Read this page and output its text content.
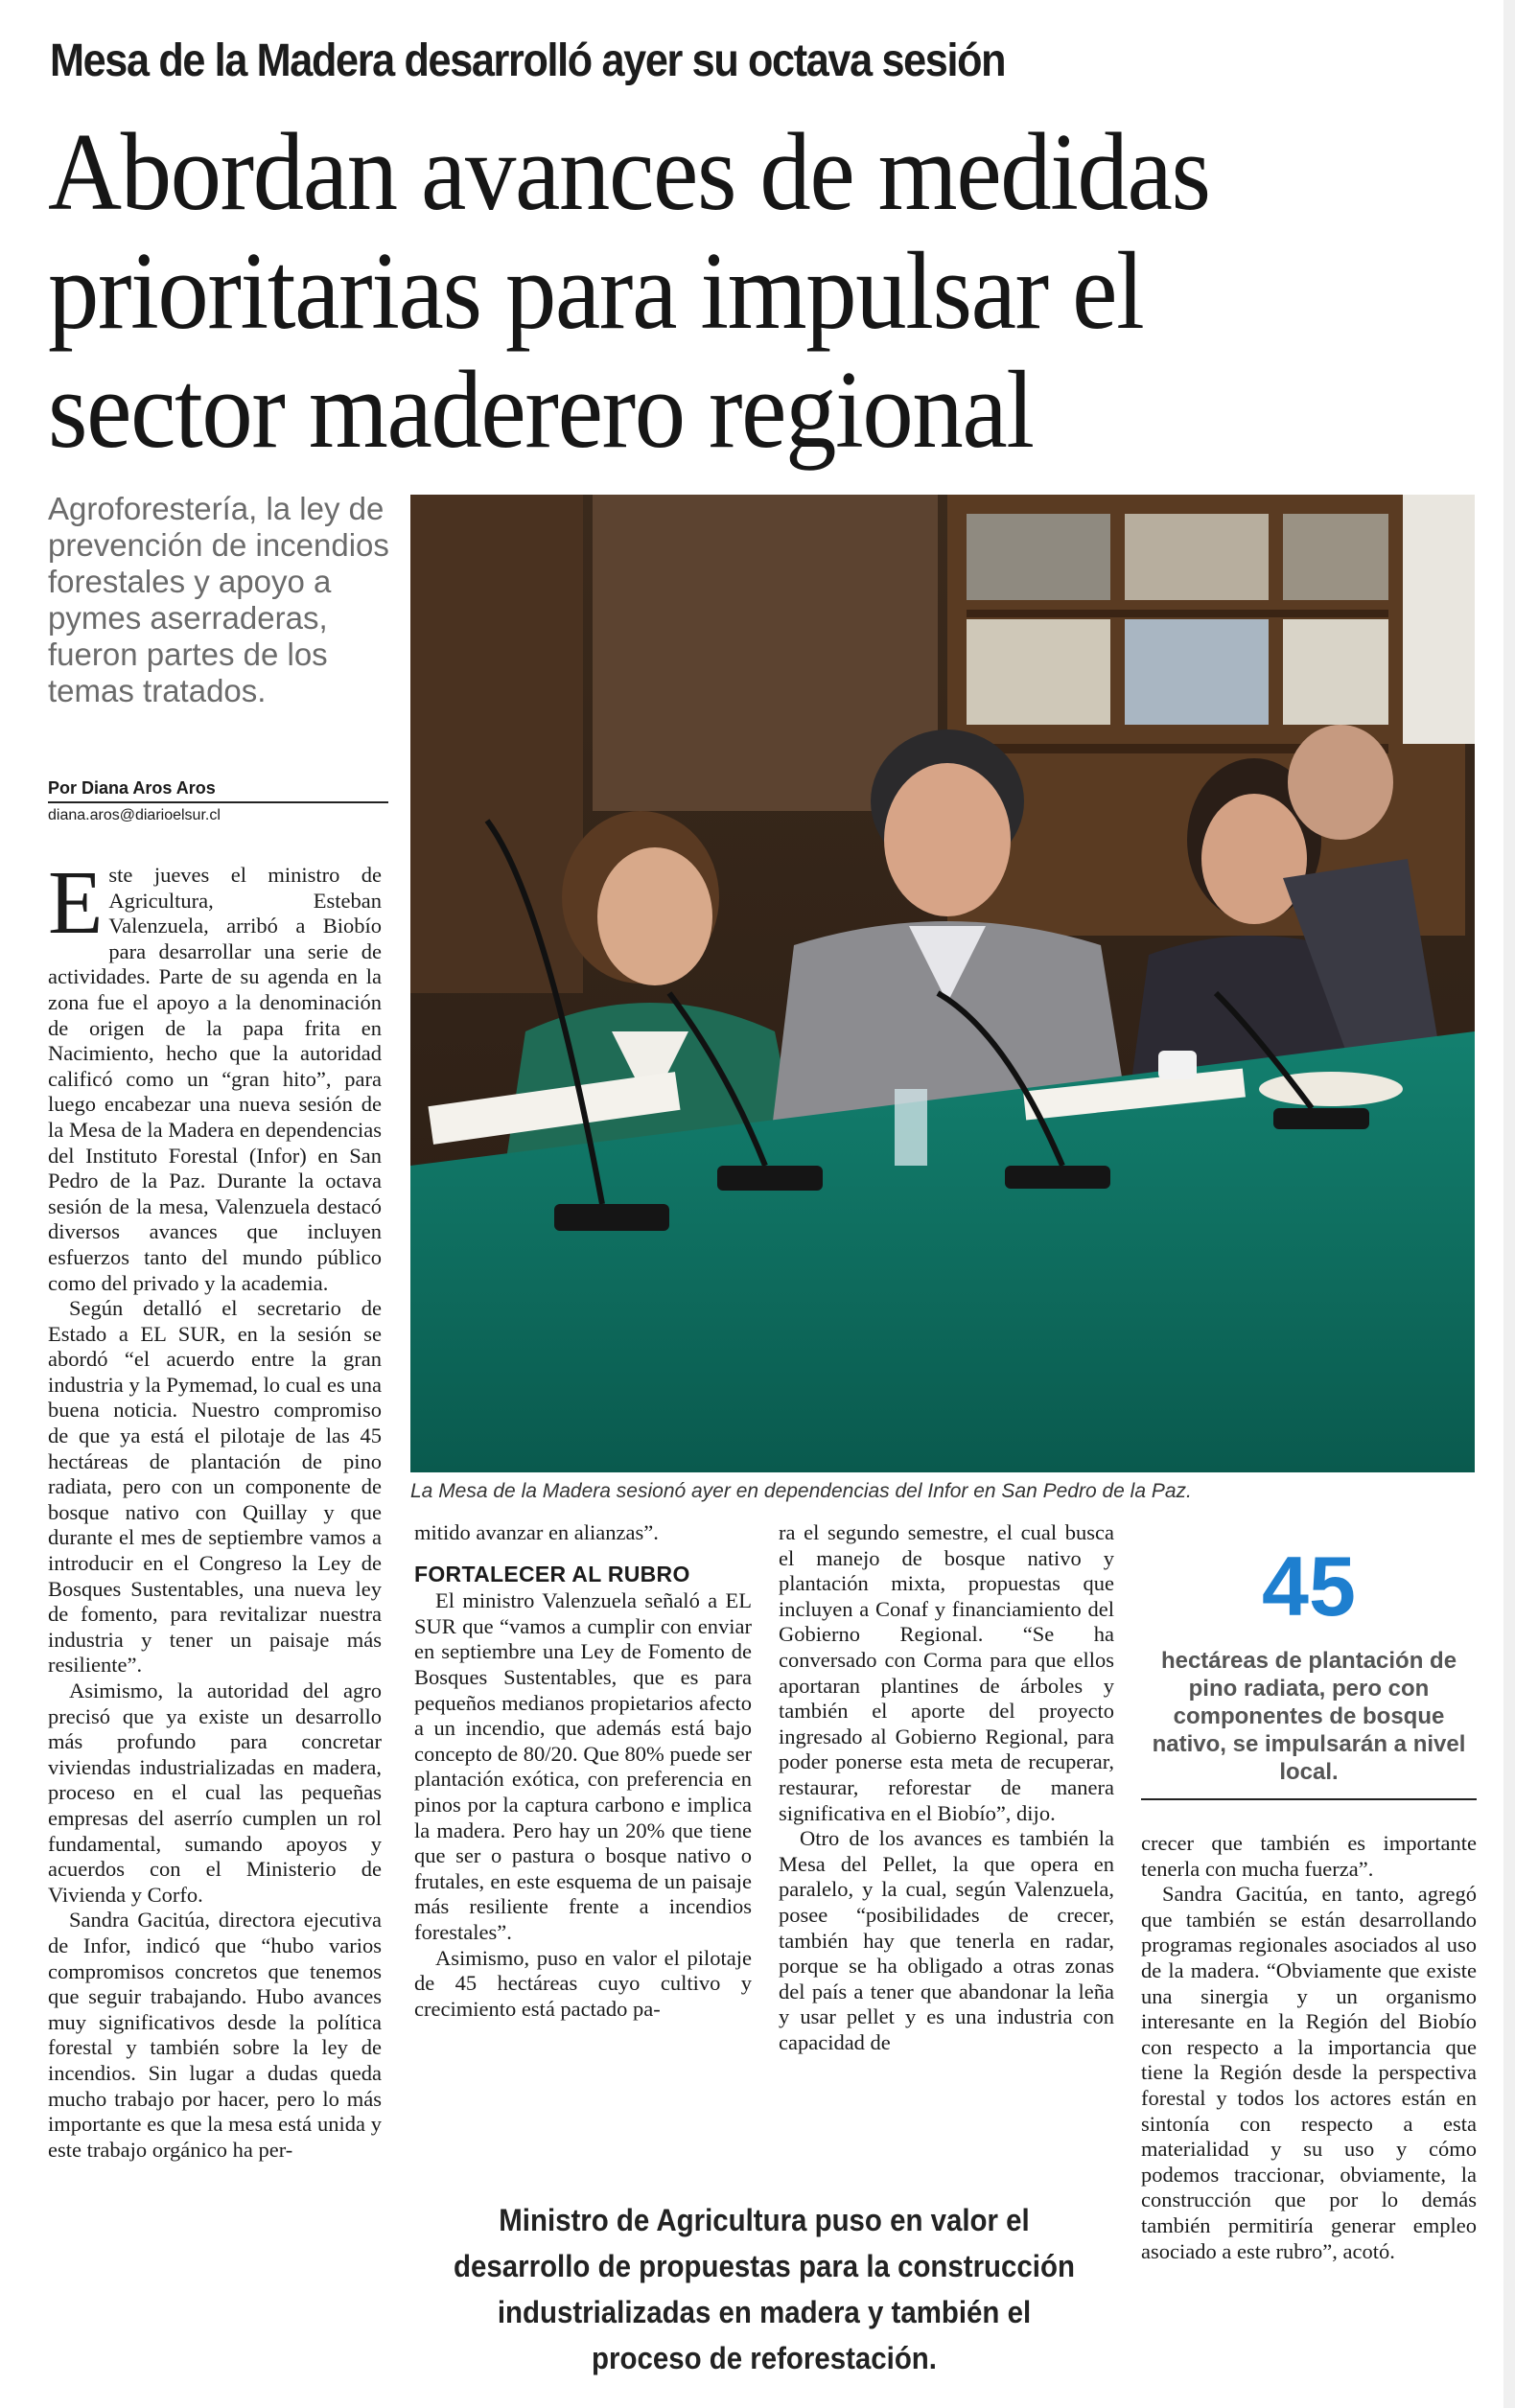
Mesa de la Madera desarrolló ayer su octava sesión
Abordan avances de medidas
prioritarias para impulsar el
sector maderero regional
Agroforestería, la ley de prevención de incendios forestales y apoyo a pymes aserraderas, fueron partes de los temas tratados.
Por Diana Aros Aros
diana.aros@diarioelsur.cl
La Mesa de la Madera sesionó ayer en dependencias del Infor en San Pedro de la Paz.

Este jueves el ministro de Agricultura, Esteban Valenzuela, arribó a Biobío para desarrollar una serie de actividades. Parte de su agenda en la zona fue el apoyo a la denominación de origen de la papa frita en Nacimiento, hecho que la autoridad calificó como un “gran hito”, para luego encabezar una nueva sesión de la Mesa de la Madera en dependencias del Instituto Forestal (Infor) en San Pedro de la Paz. Durante la octava sesión de la mesa, Valenzuela destacó diversos avances que incluyen esfuerzos tanto del mundo público como del privado y la academia.

Según detalló el secretario de Estado a EL SUR, en la sesión se abordó “el acuerdo entre la gran industria y la Pymemad, lo cual es una buena noticia. Nuestro compromiso de que ya está el pilotaje de las 45 hectáreas de plantación de pino radiata, pero con un componente de bosque nativo con Quillay y que durante el mes de septiembre vamos a introducir en el Congreso la Ley de Bosques Sustentables, una nueva ley de fomento, para revitalizar nuestra industria y tener un paisaje más resiliente”.

Asimismo, la autoridad del agro precisó que ya existe un desarrollo más profundo para concretar viviendas industrializadas en madera, proceso en el cual las pequeñas empresas del aserrío cumplen un rol fundamental, sumando apoyos y acuerdos con el Ministerio de Vivienda y Corfo.

Sandra Gacitúa, directora ejecutiva de Infor, indicó que “hubo varios compromisos concretos que tenemos que seguir trabajando. Hubo avances muy significativos desde la política forestal y también sobre la ley de incendios. Sin lugar a dudas queda mucho trabajo por hacer, pero lo más importante es que la mesa está unida y este trabajo orgánico ha per-

mitido avanzar en alianzas”.

FORTALECER AL RUBRO

El ministro Valenzuela señaló a EL SUR que “vamos a cumplir con enviar en septiembre una Ley de Fomento de Bosques Sustentables, que es para pequeños medianos propietarios afecto a un incendio, que además está bajo concepto de 80/20. Que 80% puede ser plantación exótica, con preferencia en pinos por la captura carbono e implica la madera. Pero hay un 20% que tiene que ser o pastura o bosque nativo o frutales, en este esquema de un paisaje más resiliente frente a incendios forestales”.

Asimismo, puso en valor el pilotaje de 45 hectáreas cuyo cultivo y crecimiento está pactado pa-

ra el segundo semestre, el cual busca el manejo de bosque nativo y plantación mixta, propuestas que incluyen a Conaf y financiamiento del Gobierno Regional. “Se ha conversado con Corma para que ellos aportaran plantines de árboles y también el aporte del proyecto ingresado al Gobierno Regional, para poder ponerse esta meta de recuperar, restaurar, reforestar de manera significativa en el Biobío”, dijo.

Otro de los avances es también la Mesa del Pellet, la que opera en paralelo, y la cual, según Valenzuela, posee “posibilidades de crecer, también hay que tenerla en radar, porque se ha obligado a otras zonas del país a tener que abandonar la leña y usar pellet y es una industria con capacidad de

45
hectáreas de plantación de pino radiata, pero con componentes de bosque nativo, se impulsarán a nivel local.

crecer que también es importante tenerla con mucha fuerza”.

Sandra Gacitúa, en tanto, agregó que también se están desarrollando programas regionales asociados al uso de la madera. “Obviamente que existe una sinergia y un organismo interesante en la Región del Biobío con respecto a la importancia que tiene la Región desde la perspectiva forestal y todos los actores están en sintonía con respecto a esta materialidad y su uso y cómo podemos traccionar, obviamente, la construcción que por lo demás también permitiría generar empleo asociado a este rubro”, acotó.

Ministro de Agricultura puso en valor el desarrollo de propuestas para la construcción industrializadas en madera y también el proceso de reforestación.
